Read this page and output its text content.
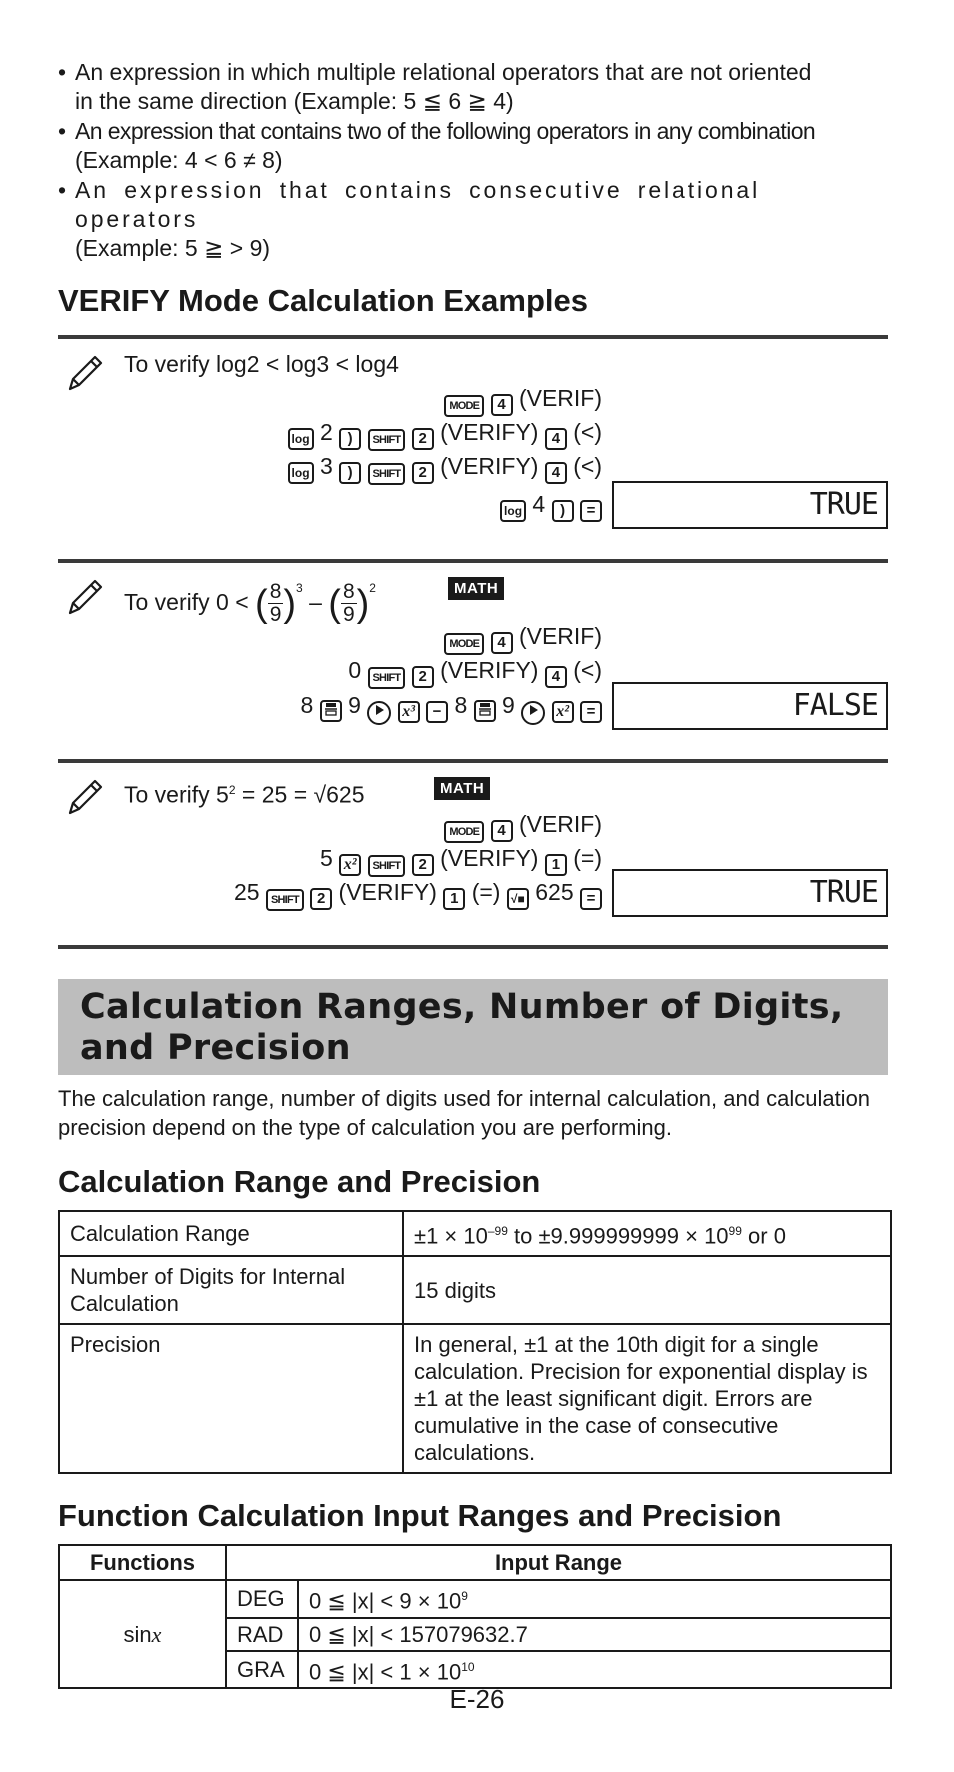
• An expression in which multiple relational operators that are not oriented
in the same direction (Example: 5 ≦ 6 ≧ 4)
• An expression that contains two of the following operators in any combination
(Example: 4 < 6 ≠ 8)
• An expression that contains consecutive relational operators
(Example: 5 ≧ > 9)
VERIFY Mode Calculation Examples
To verify log2 < log3 < log4
MODE 4 (VERIF)
log 2 ) SHIFT 2 (VERIFY) 4 (<)
log 3 ) SHIFT 2 (VERIFY) 4 (<)
log 4 ) =	TRUE
To verify 0 < ( $\frac{8}{9} )^3$ – ( $\frac{8}{9} )^2$	MATH
MODE 4 (VERIF)
0 SHIFT 2 (VERIFY) 4 (<)
8 9	x³ − 8 9	x² =	FALSE
To verify $5^2 = 25 = √625$	MATH
MODE 4 (VERIF)
5 x² SHIFT 2 (VERIFY) 1 (=)
25 SHIFT 2 (VERIFY) 1 (=) √■ 625 =	TRUE
Calculation Ranges, Number of Digits,
and Precision
The calculation range, number of digits used for internal calculation, and calculation precision depend on the type of calculation you are performing.
Calculation Range and Precision
Calculation Range	$\pm 1 \times 10^{-99}$ to $\pm 9.999999999 \times 10^{99}$ or 0
Number of Digits for Internal Calculation	15 digits
Precision	In general, ±1 at the 10th digit for a single calculation. Precision for exponential display is ±1 at the least significant digit. Errors are cumulative in the case of consecutive calculations.
Function Calculation Input Ranges and Precision
Functions	Input Range	
sinx	DEG	0 ≦ $|x| < 9 \times 10^9$
	RAD	0 ≦ |x| < 157079632.7
	GRA	0 ≦ $|x| < 1 \times 10^{10}$
E-26
